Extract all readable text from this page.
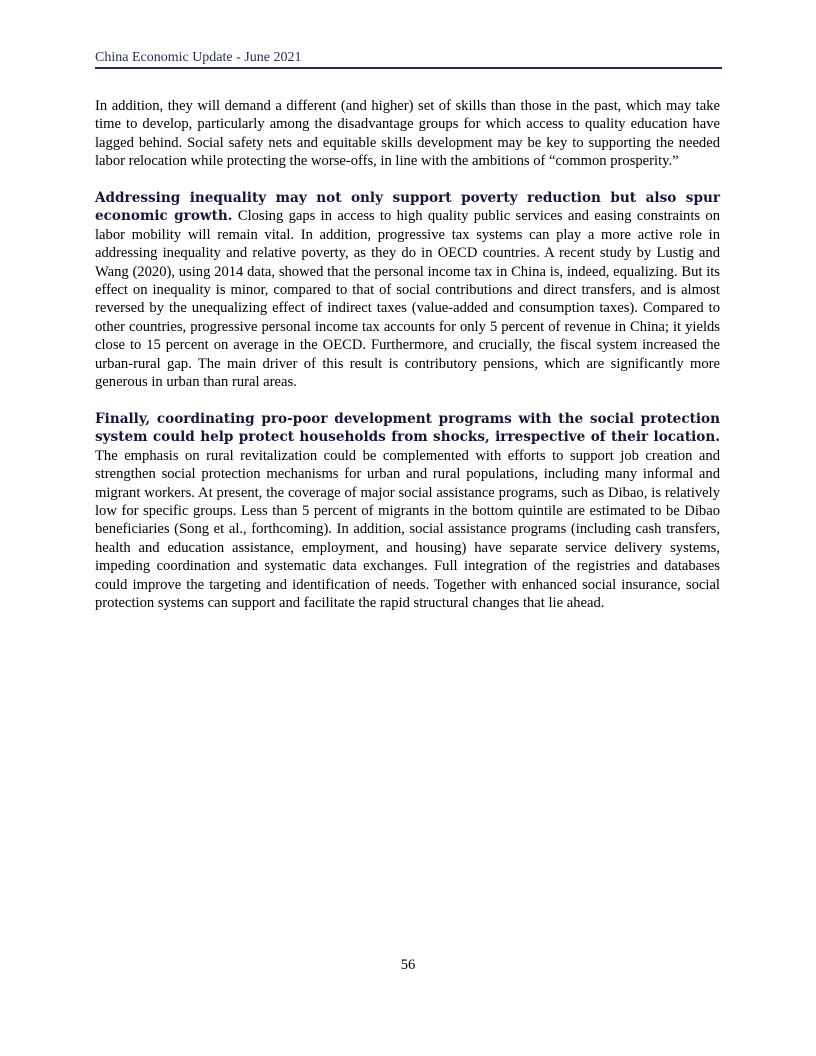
China Economic Update - June 2021

In addition, they will demand a different (and higher) set of skills than those in the past, which may take time to develop, particularly among the disadvantage groups for which access to quality education have lagged behind. Social safety nets and equitable skills development may be key to supporting the needed labor relocation while protecting the worse-offs, in line with the ambitions of “common prosperity.”

Addressing inequality may not only support poverty reduction but also spur economic growth. Closing gaps in access to high quality public services and easing constraints on labor mobility will remain vital. In addition, progressive tax systems can play a more active role in addressing inequality and relative poverty, as they do in OECD countries. A recent study by Lustig and Wang (2020), using 2014 data, showed that the personal income tax in China is, indeed, equalizing. But its effect on inequality is minor, compared to that of social contributions and direct transfers, and is almost reversed by the unequalizing effect of indirect taxes (value-added and consumption taxes). Compared to other countries, progressive personal income tax accounts for only 5 percent of revenue in China; it yields close to 15 percent on average in the OECD. Furthermore, and crucially, the fiscal system increased the urban-rural gap. The main driver of this result is contributory pensions, which are significantly more generous in urban than rural areas.

Finally, coordinating pro-poor development programs with the social protection system could help protect households from shocks, irrespective of their location. The emphasis on rural revitalization could be complemented with efforts to support job creation and strengthen social protection mechanisms for urban and rural populations, including many informal and migrant workers. At present, the coverage of major social assistance programs, such as Dibao, is relatively low for specific groups. Less than 5 percent of migrants in the bottom quintile are estimated to be Dibao beneficiaries (Song et al., forthcoming). In addition, social assistance programs (including cash transfers, health and education assistance, employment, and housing) have separate service delivery systems, impeding coordination and systematic data exchanges. Full integration of the registries and databases could improve the targeting and identification of needs. Together with enhanced social insurance, social protection systems can support and facilitate the rapid structural changes that lie ahead.

56
